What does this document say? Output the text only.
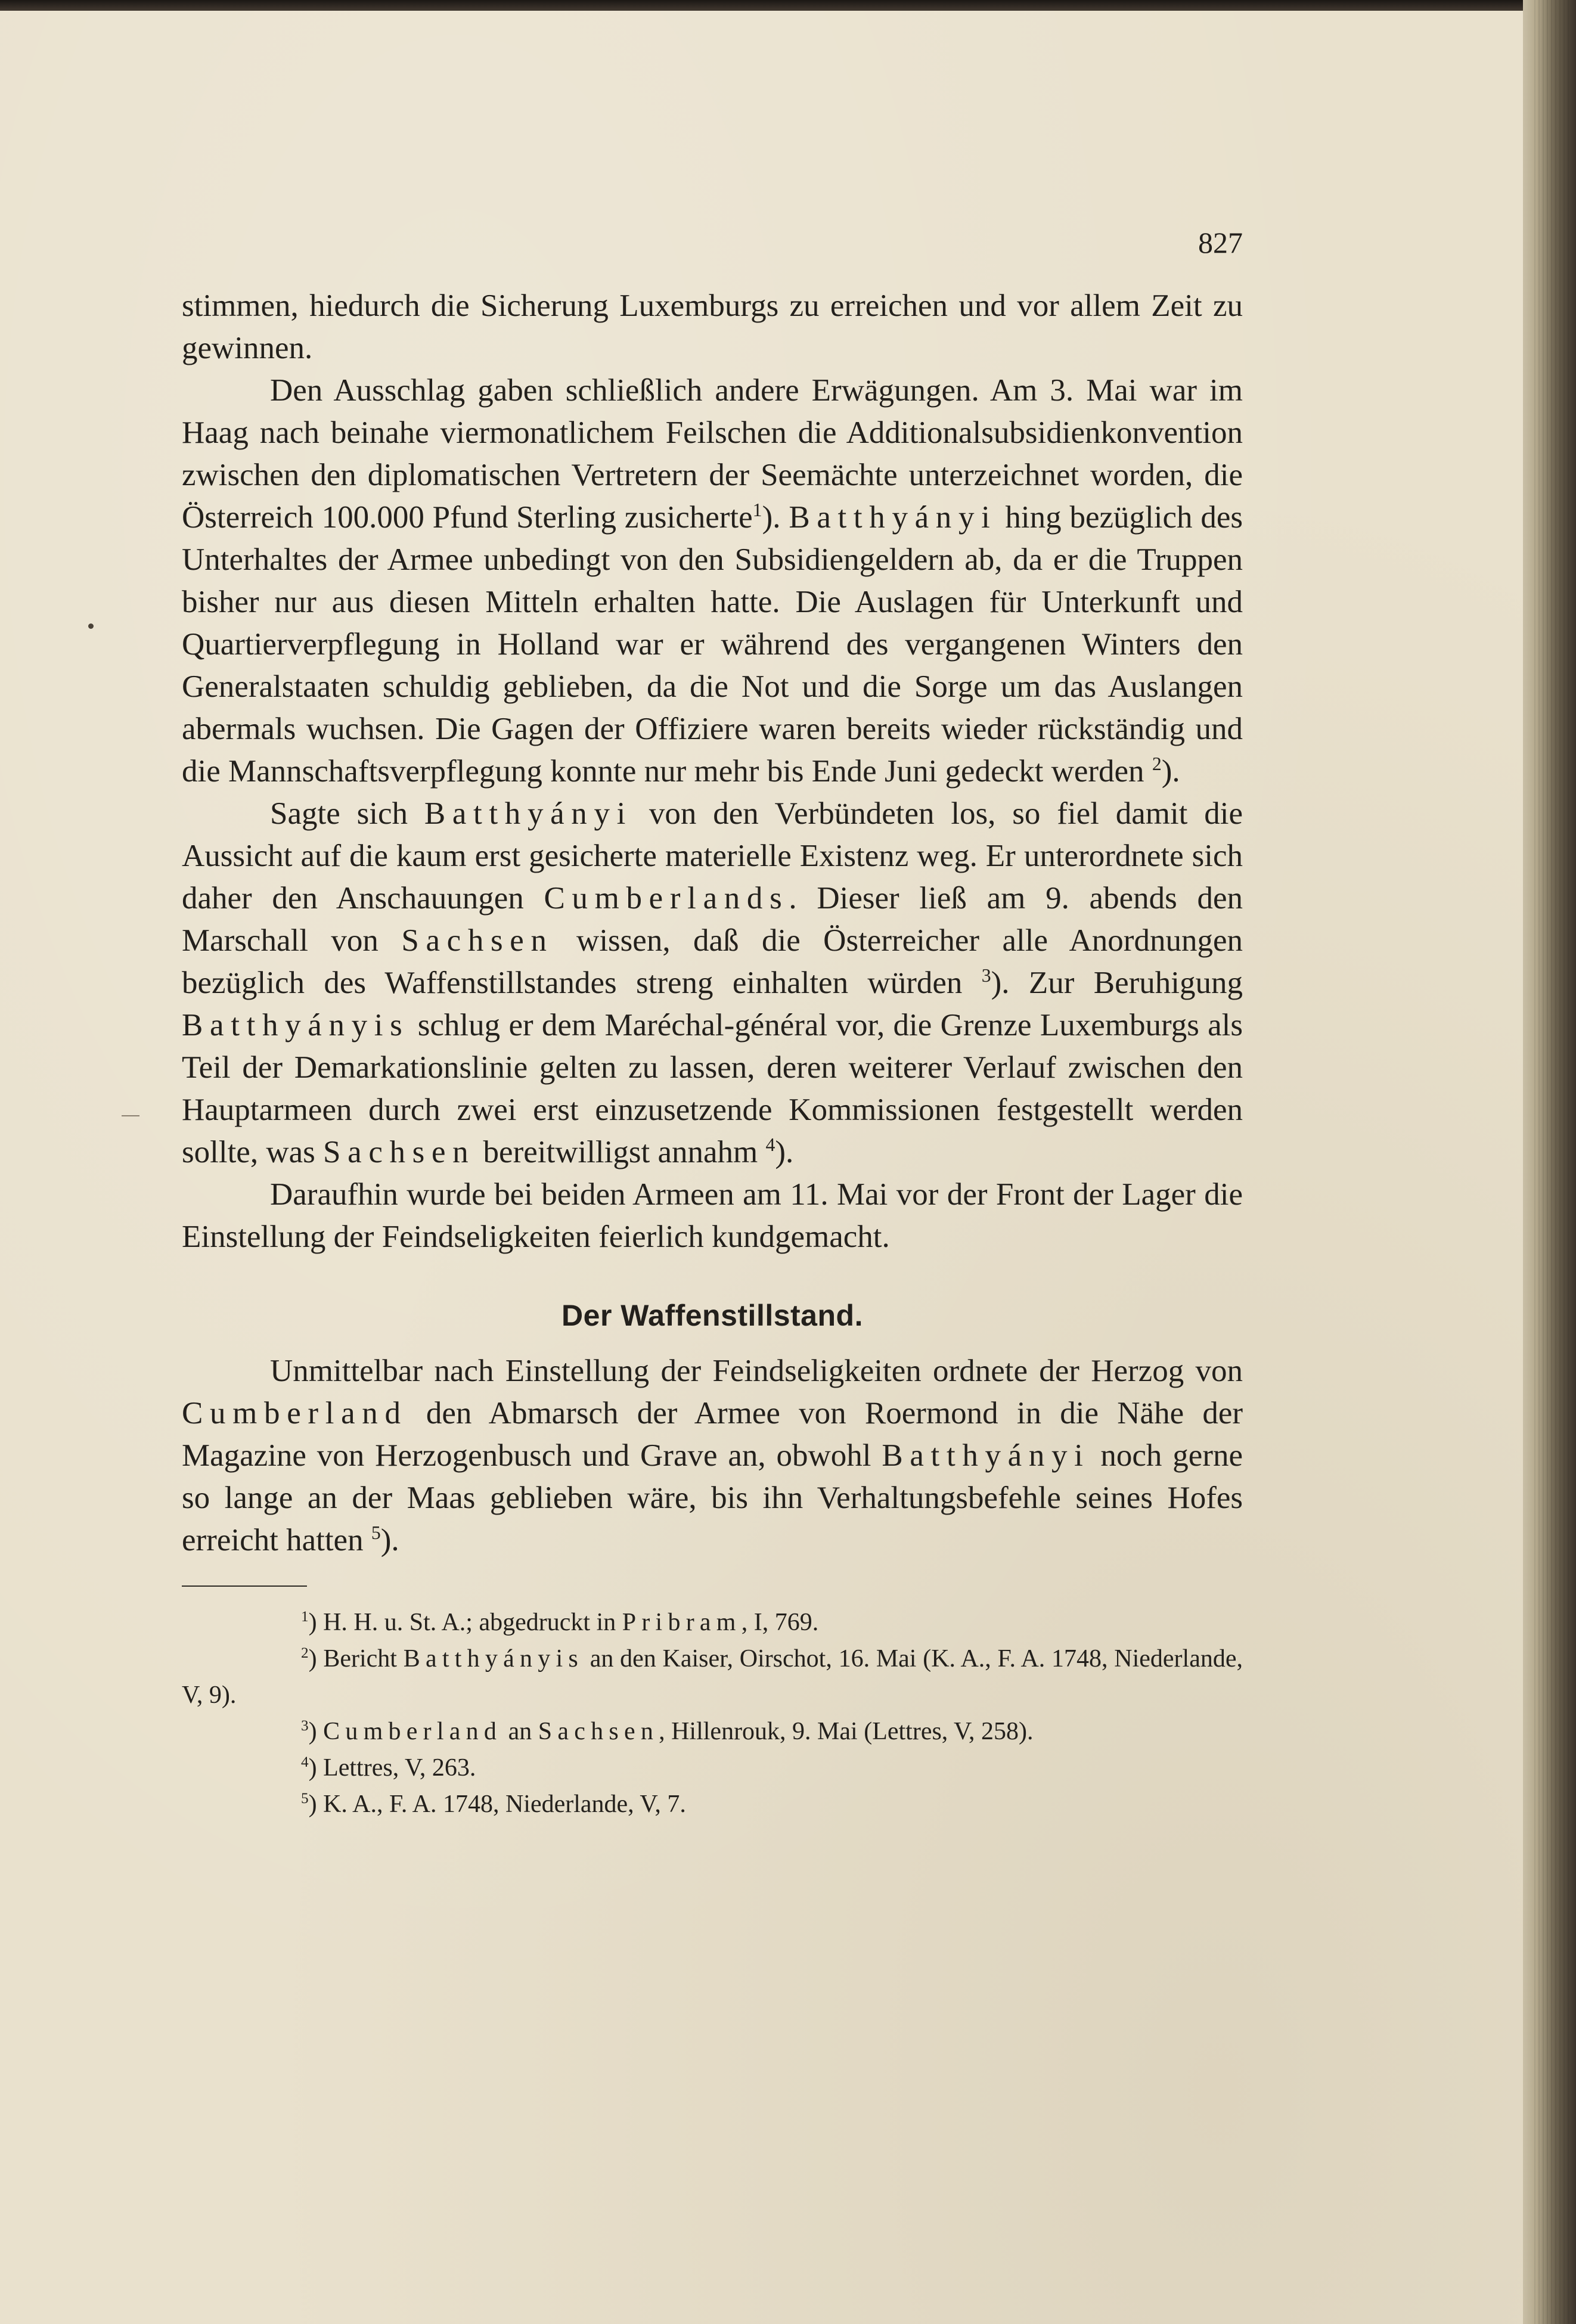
827

stimmen, hiedurch die Sicherung Luxemburgs zu erreichen und vor allem Zeit zu gewinnen.

Den Ausschlag gaben schließlich andere Erwägungen. Am 3. Mai war im Haag nach beinahe viermonatlichem Feilschen die Additionalsubsidienkonvention zwischen den diplomatischen Vertretern der Seemächte unterzeichnet worden, die Österreich 100.000 Pfund Sterling zusicherte$^1$). Batthyányi hing bezüglich des Unterhaltes der Armee unbedingt von den Subsidiengeldern ab, da er die Truppen bisher nur aus diesen Mitteln erhalten hatte. Die Auslagen für Unterkunft und Quartierverpflegung in Holland war er während des vergangenen Winters den Generalstaaten schuldig geblieben, da die Not und die Sorge um das Auslangen abermals wuchsen. Die Gagen der Offiziere waren bereits wieder rückständig und die Mannschaftsverpflegung konnte nur mehr bis Ende Juni gedeckt werden $^2$).

Sagte sich Batthyányi von den Verbündeten los, so fiel damit die Aussicht auf die kaum erst gesicherte materielle Existenz weg. Er unterordnete sich daher den Anschauungen Cumberlands. Dieser ließ am 9. abends den Marschall von Sachsen wissen, daß die Österreicher alle Anordnungen bezüglich des Waffenstillstandes streng einhalten würden $^3$). Zur Beruhigung Batthyányis schlug er dem Maréchal-général vor, die Grenze Luxemburgs als Teil der Demarkationslinie gelten zu lassen, deren weiterer Verlauf zwischen den Hauptarmeen durch zwei erst einzusetzende Kommissionen festgestellt werden sollte, was Sachsen bereitwilligst annahm $^4$).

Daraufhin wurde bei beiden Armeen am 11. Mai vor der Front der Lager die Einstellung der Feindseligkeiten feierlich kundgemacht.

Der Waffenstillstand.

Unmittelbar nach Einstellung der Feindseligkeiten ordnete der Herzog von Cumberland den Abmarsch der Armee von Roermond in die Nähe der Magazine von Herzogenbusch und Grave an, obwohl Batthyányi noch gerne so lange an der Maas geblieben wäre, bis ihn Verhaltungsbefehle seines Hofes erreicht hatten $^5$).

$^1$) H. H. u. St. A.; abgedruckt in Pribram, I, 769.

$^2$) Bericht Batthyányis an den Kaiser, Oirschot, 16. Mai (K. A., F. A. 1748, Niederlande, V, 9).

$^3$) Cumberland an Sachsen, Hillenrouk, 9. Mai (Lettres, V, 258).

$^4$) Lettres, V, 263.

$^5$) K. A., F. A. 1748, Niederlande, V, 7.
